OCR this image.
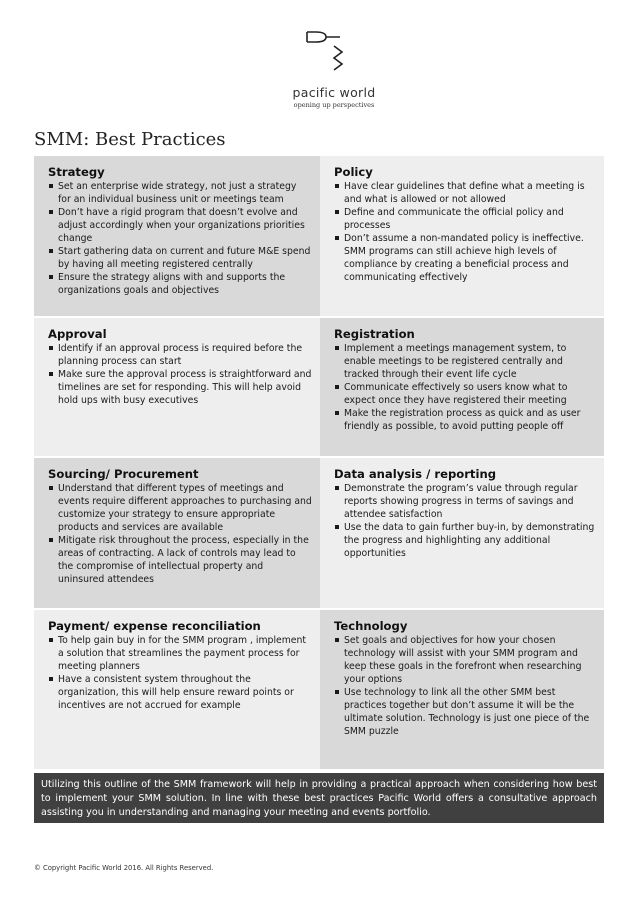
pacific world
opening up perspectives
SMM: Best Practices
Strategy
Set an enterprise wide strategy, not just a strategy for an individual business unit or meetings team
Don’t have a rigid program that doesn’t evolve and adjust accordingly when your organizations priorities change
Start gathering data on current and future M&E spend by having all meeting registered centrally
Ensure the strategy aligns with and supports the organizations goals and objectives
Policy
Have clear guidelines that define what a meeting is and what is allowed or not allowed
Define and communicate the official policy and processes
Don’t assume a non-mandated policy is ineffective. SMM programs can still achieve high levels of compliance by creating a beneficial process and communicating effectively
Approval
Identify if an approval process is required before the planning process can start
Make sure the approval process is straightforward and timelines are set for responding. This will help avoid hold ups with busy executives
Registration
Implement a meetings management system, to enable meetings to be registered centrally and tracked through their event life cycle
Communicate effectively so users know what to expect once they have registered their meeting
Make the registration process as quick and as user friendly as possible, to avoid putting people off
Sourcing/ Procurement
Understand that different types of meetings and events require different approaches to purchasing and customize your strategy to ensure appropriate products and services are available
Mitigate risk throughout the process, especially in the areas of contracting. A lack of controls may lead to the compromise of intellectual property and uninsured attendees
Data analysis / reporting
Demonstrate the program’s value through regular reports showing progress in terms of savings and attendee satisfaction
Use the data to gain further buy-in, by demonstrating the progress and highlighting any additional opportunities
Payment/ expense reconciliation
To help gain buy in for the SMM program , implement a solution that streamlines the payment process for meeting planners
Have a consistent system throughout the organization, this will help ensure reward points or incentives are not accrued for example
Technology
Set goals and objectives for how your chosen technology will assist with your SMM program and keep these goals in the forefront when researching your options
Use technology to link all the other SMM best practices together but don’t assume it will be the ultimate solution. Technology is just one piece of the SMM puzzle
Utilizing this outline of the SMM framework will help in providing a practical approach when considering how best to implement your SMM solution. In line with these best practices Pacific World offers a consultative approach assisting you in understanding and managing your meeting and events portfolio.
© Copyright Pacific World 2016. All Rights Reserved.
